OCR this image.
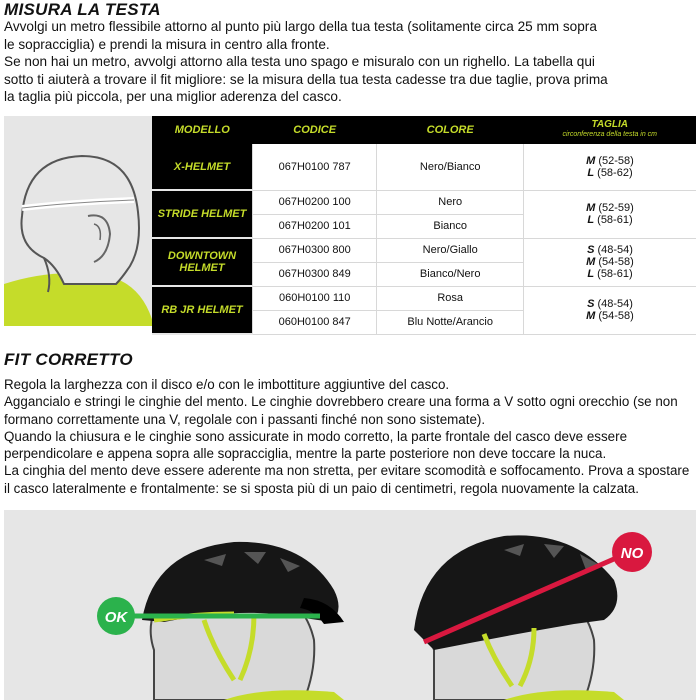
MISURA LA TESTA
Avvolgi un metro flessibile attorno al punto più largo della tua testa (solitamente circa 25 mm sopra
le sopracciglia) e prendi la misura in centro alla fronte.
Se non hai un metro, avvolgi attorno alla testa uno spago e misuralo con un righello. La tabella qui
sotto ti aiuterà a trovare il fit migliore: se la misura della tua testa cadesse tra due taglie, prova prima
la taglia più piccola, per una miglior aderenza del casco.
MODELLO	CODICE	COLORE	TAGLIA
circonferenza della testa in cm

X-HELMET	067H0100 787	Nero/Bianco	M (52-58)
L (58-62)
STRIDE HELMET	067H0200 100	Nero	M (52-59)
L (58-61)
	067H0200 101	Bianco	
DOWNTOWN HELMET	067H0300 800	Nero/Giallo	S (48-54)
M (54-58)
L (58-61)
	067H0300 849	Bianco/Nero	
RB JR HELMET	060H0100 110	Rosa	S (48-54)
M (54-58)
	060H0100 847	Blu Notte/Arancio	
FIT CORRETTO
Regola la larghezza con il disco e/o con le imbottiture aggiuntive del casco.
Aggancialo e stringi le cinghie del mento. Le cinghie dovrebbero creare una forma a V sotto ogni orecchio (se non
formano correttamente una V, regolale con i passanti finché non sono sistemate).
Quando la chiusura e le cinghie sono assicurate in modo corretto, la parte frontale del casco deve essere
perpendicolare e appena sopra alle sopracciglia, mentre la parte posteriore non deve toccare la nuca.
La cinghia del mento deve essere aderente ma non stretta, per evitare scomodità e soffocamento. Prova a spostare
il casco lateralmente e frontalmente: se si sposta più di un paio di centimetri, regola nuovamente la calzata.
OK
NO
